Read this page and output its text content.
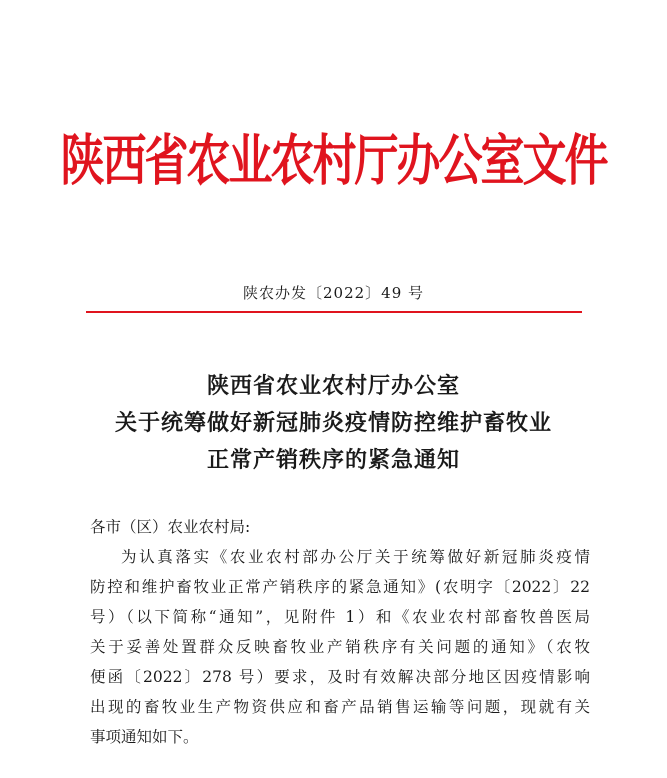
陕西省农业农村厅办公室文件
陕农办发〔2022〕49 号
陕西省农业农村厅办公室
关于统筹做好新冠肺炎疫情防控维护畜牧业
正常产销秩序的紧急通知
各市（区）农业农村局:
为认真落实《农业农村部办公厅关于统筹做好新冠肺炎疫情
防控和维护畜牧业正常产销秩序的紧急通知》(农明字〔2022〕22
号）（以下简称“通知”，见附件 1）和《农业农村部畜牧兽医局
关于妥善处置群众反映畜牧业产销秩序有关问题的通知》（农牧
便函〔2022〕278 号）要求，及时有效解决部分地区因疫情影响
出现的畜牧业生产物资供应和畜产品销售运输等问题，现就有关
事项通知如下。
